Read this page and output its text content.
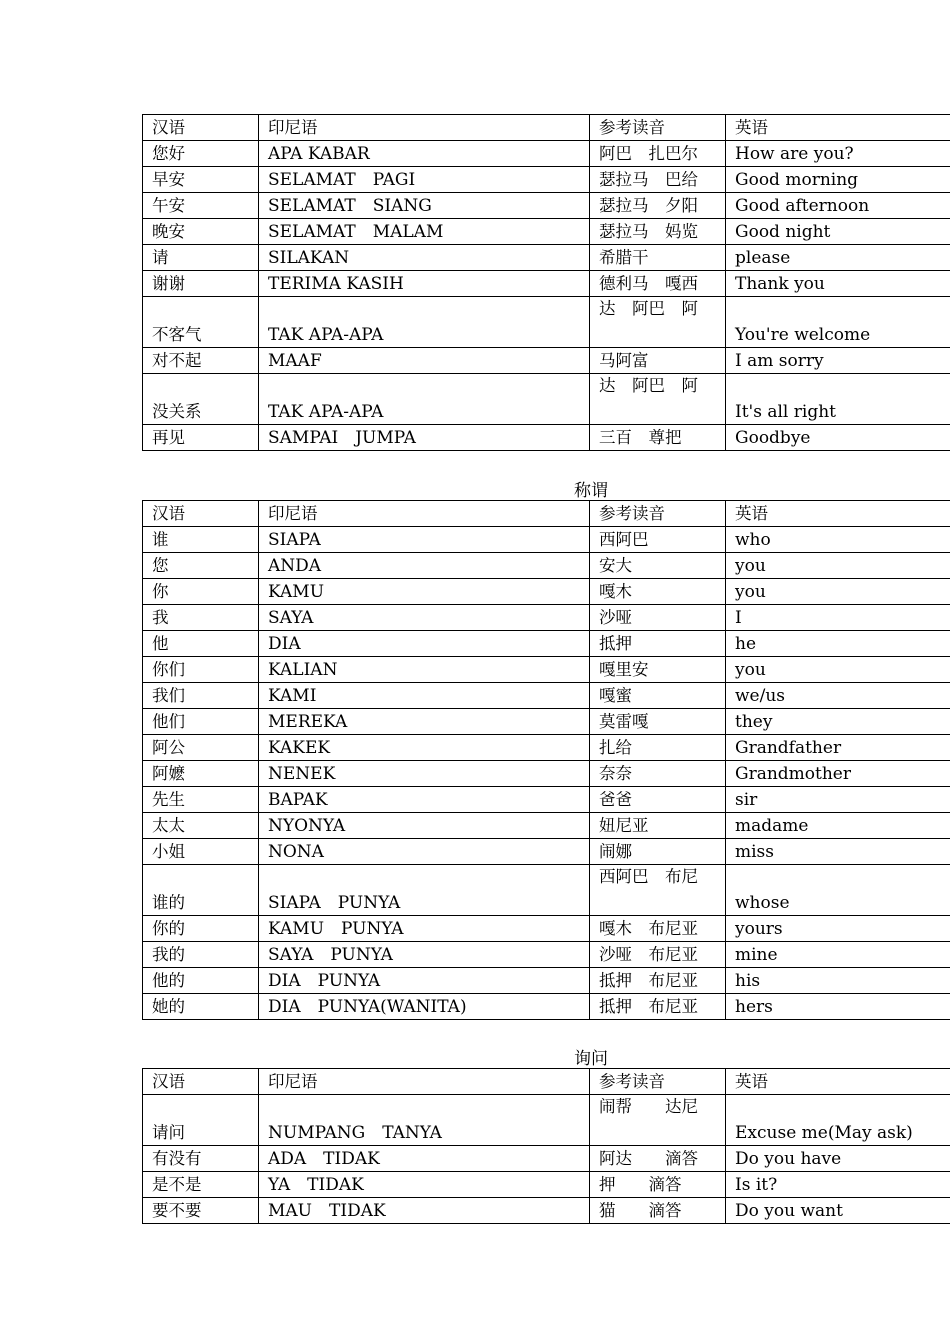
汉语	印尼语	参考读音	英语
您好	APA KABAR	阿巴　扎巴尔	How are you?
早安	SELAMAT　PAGI	瑟拉马　巴给	Good morning
午安	SELAMAT　SIANG	瑟拉马　夕阳	Good afternoon
晚安	SELAMAT　MALAM	瑟拉马　妈览	Good night
请	SILAKAN	希腊干	please
谢谢	TERIMA KASIH	德利马　嘎西	Thank you
不客气	TAK APA-APA	达　阿巴　阿	You're welcome
对不起	MAAF	马阿富	I am sorry
没关系	TAK APA-APA	达　阿巴　阿	It's all right
再见	SAMPAI　JUMPA	三百　尊把	Goodbye
称谓
汉语	印尼语	参考读音	英语
谁	SIAPA	西阿巴	who
您	ANDA	安大	you
你	KAMU	嘎木	you
我	SAYA	沙哑	I
他	DIA	抵押	he
你们	KALIAN	嘎里安	you
我们	KAMI	嘎蜜	we/us
他们	MEREKA	莫雷嘎	they
阿公	KAKEK	扎给	Grandfather
阿嬷	NENEK	奈奈	Grandmother
先生	BAPAK	爸爸	sir
太太	NYONYA	妞尼亚	madame
小姐	NONA	闹娜	miss
谁的	SIAPA　PUNYA	西阿巴　布尼	whose
你的	KAMU　PUNYA	嘎木　布尼亚	yours
我的	SAYA　PUNYA	沙哑　布尼亚	mine
他的	DIA　PUNYA	抵押　布尼亚	his
她的	DIA　PUNYA(WANITA)	抵押　布尼亚	hers
询问
汉语	印尼语	参考读音	英语
请问	NUMPANG　TANYA	闹帮　　达尼	Excuse me(May ask)
有没有	ADA　TIDAK	阿达　　滴答	Do you have
是不是	YA　TIDAK	押　　滴答	Is it?
要不要	MAU　TIDAK	猫　　滴答	Do you want
